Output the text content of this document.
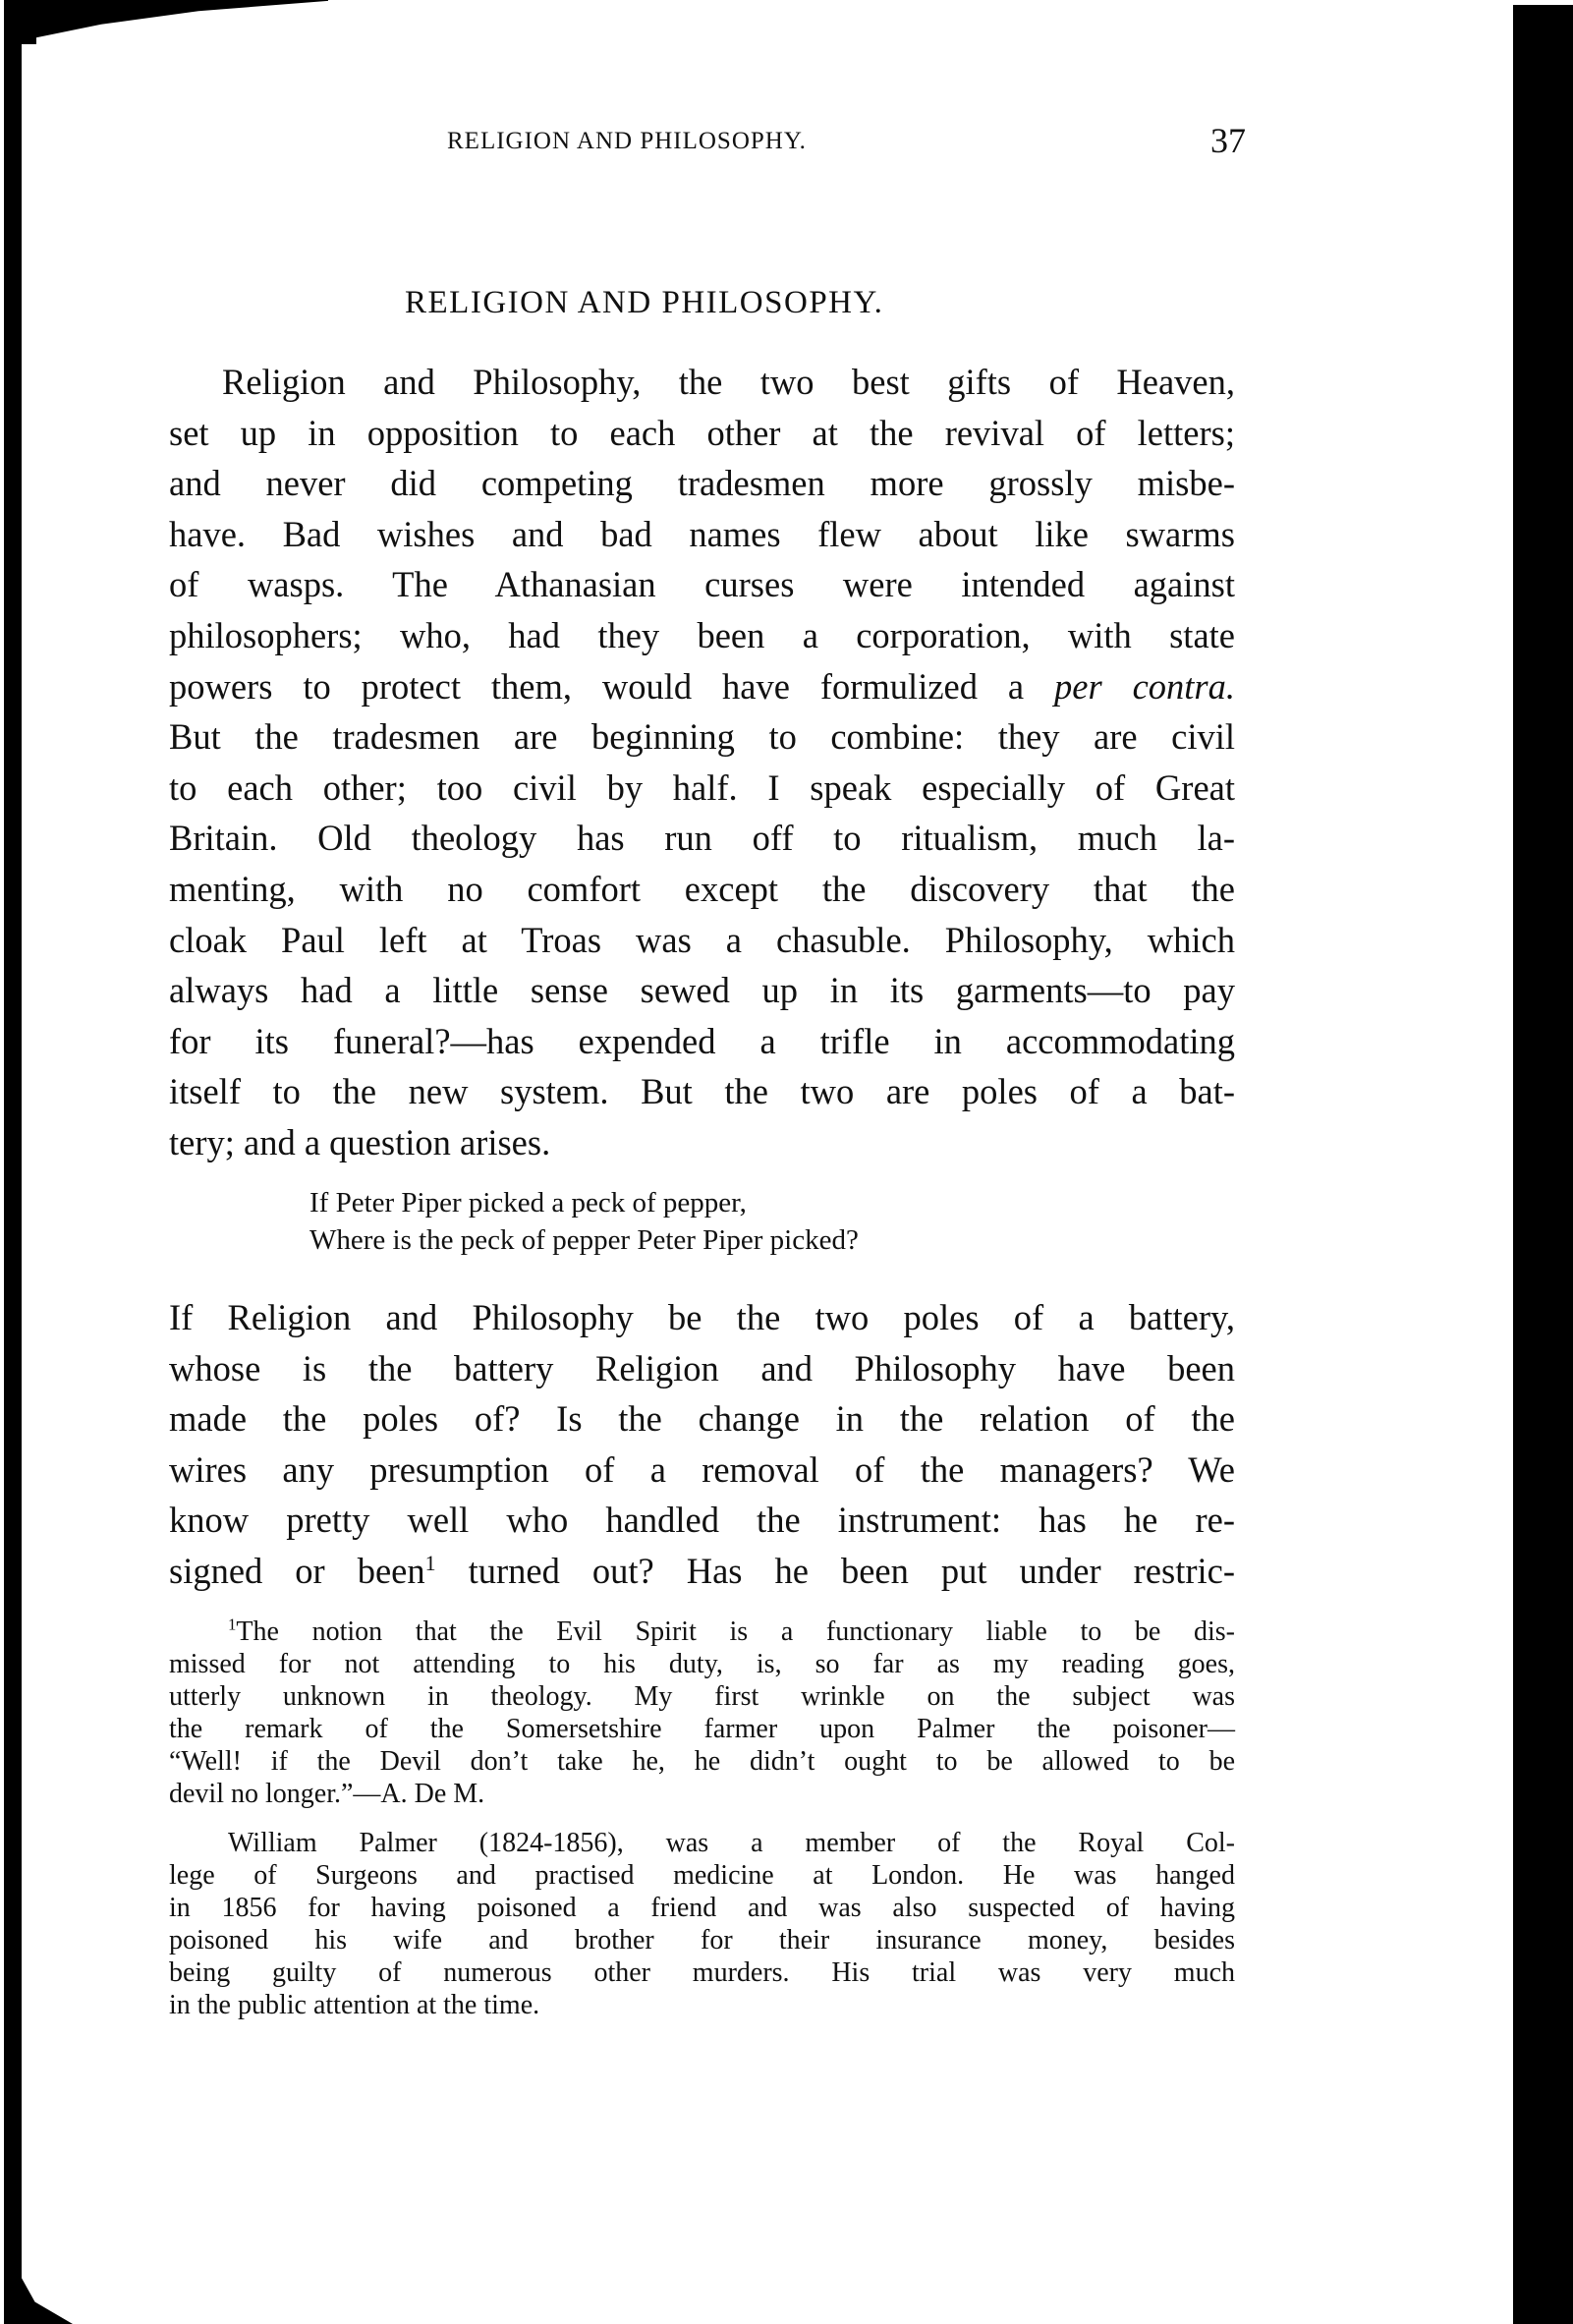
RELIGION AND PHILOSOPHY.	37
RELIGION AND PHILOSOPHY.
Religion and Philosophy, the two best gifts of Heaven,
set up in opposition to each other at the revival of letters;
and never did competing tradesmen more grossly misbe-
have. Bad wishes and bad names flew about like swarms
of wasps. The Athanasian curses were intended against
philosophers; who, had they been a corporation, with state
powers to protect them, would have formulized a per contra.
But the tradesmen are beginning to combine: they are civil
to each other; too civil by half. I speak especially of Great
Britain. Old theology has run off to ritualism, much la-
menting, with no comfort except the discovery that the
cloak Paul left at Troas was a chasuble. Philosophy, which
always had a little sense sewed up in its garments—to pay
for its funeral?—has expended a trifle in accommodating
itself to the new system. But the two are poles of a bat-
tery; and a question arises.
If Peter Piper picked a peck of pepper,
Where is the peck of pepper Peter Piper picked?
If Religion and Philosophy be the two poles of a battery,
whose is the battery Religion and Philosophy have been
made the poles of? Is the change in the relation of the
wires any presumption of a removal of the managers? We
know pretty well who handled the instrument: has he re-
signed or been$^1$ turned out? Has he been put under restric-
$^1$The notion that the Evil Spirit is a functionary liable to be dis-
missed for not attending to his duty, is, so far as my reading goes,
utterly unknown in theology. My first wrinkle on the subject was
the remark of the Somersetshire farmer upon Palmer the poisoner—
“Well! if the Devil don’t take he, he didn’t ought to be allowed to be
devil no longer.”—A. De M.
William Palmer (1824-1856), was a member of the Royal Col-
lege of Surgeons and practised medicine at London. He was hanged
in 1856 for having poisoned a friend and was also suspected of having
poisoned his wife and brother for their insurance money, besides
being guilty of numerous other murders. His trial was very much
in the public attention at the time.
